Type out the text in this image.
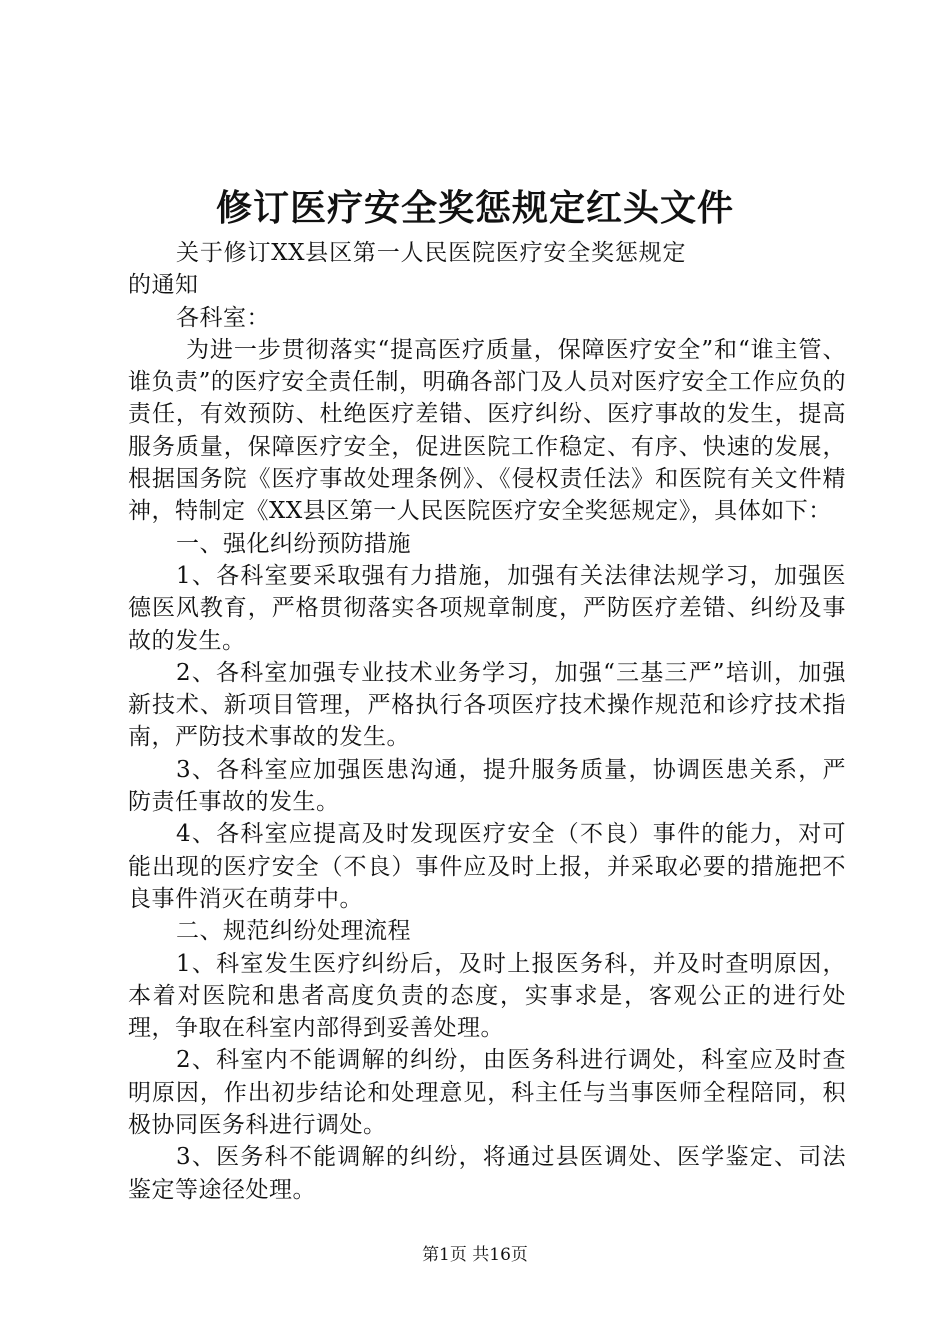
修订医疗安全奖惩规定红头文件

关于修订XX县区第一人民医院医疗安全奖惩规定的通知

各科室：

为进一步贯彻落实“提高医疗质量，保障医疗安全”和“谁主管、谁负责”的医疗安全责任制，明确各部门及人员对医疗安全工作应负的责任，有效预防、杜绝医疗差错、医疗纠纷、医疗事故的发生，提高服务质量，保障医疗安全，促进医院工作稳定、有序、快速的发展，根据国务院《医疗事故处理条例》、《侵权责任法》和医院有关文件精神，特制定《XX县区第一人民医院医疗安全奖惩规定》，具体如下：

一、强化纠纷预防措施

1、各科室要采取强有力措施，加强有关法律法规学习，加强医德医风教育，严格贯彻落实各项规章制度，严防医疗差错、纠纷及事故的发生。

2、各科室加强专业技术业务学习，加强“三基三严”培训，加强新技术、新项目管理，严格执行各项医疗技术操作规范和诊疗技术指南，严防技术事故的发生。

3、各科室应加强医患沟通，提升服务质量，协调医患关系，严防责任事故的发生。

4、各科室应提高及时发现医疗安全（不良）事件的能力，对可能出现的医疗安全（不良）事件应及时上报，并采取必要的措施把不良事件消灭在萌芽中。

二、规范纠纷处理流程

1、科室发生医疗纠纷后，及时上报医务科，并及时查明原因，本着对医院和患者高度负责的态度，实事求是，客观公正的进行处理，争取在科室内部得到妥善处理。

2、科室内不能调解的纠纷，由医务科进行调处，科室应及时查明原因，作出初步结论和处理意见，科主任与当事医师全程陪同，积极协同医务科进行调处。

3、医务科不能调解的纠纷，将通过县医调处、医学鉴定、司法鉴定等途径处理。

第1页 共16页
